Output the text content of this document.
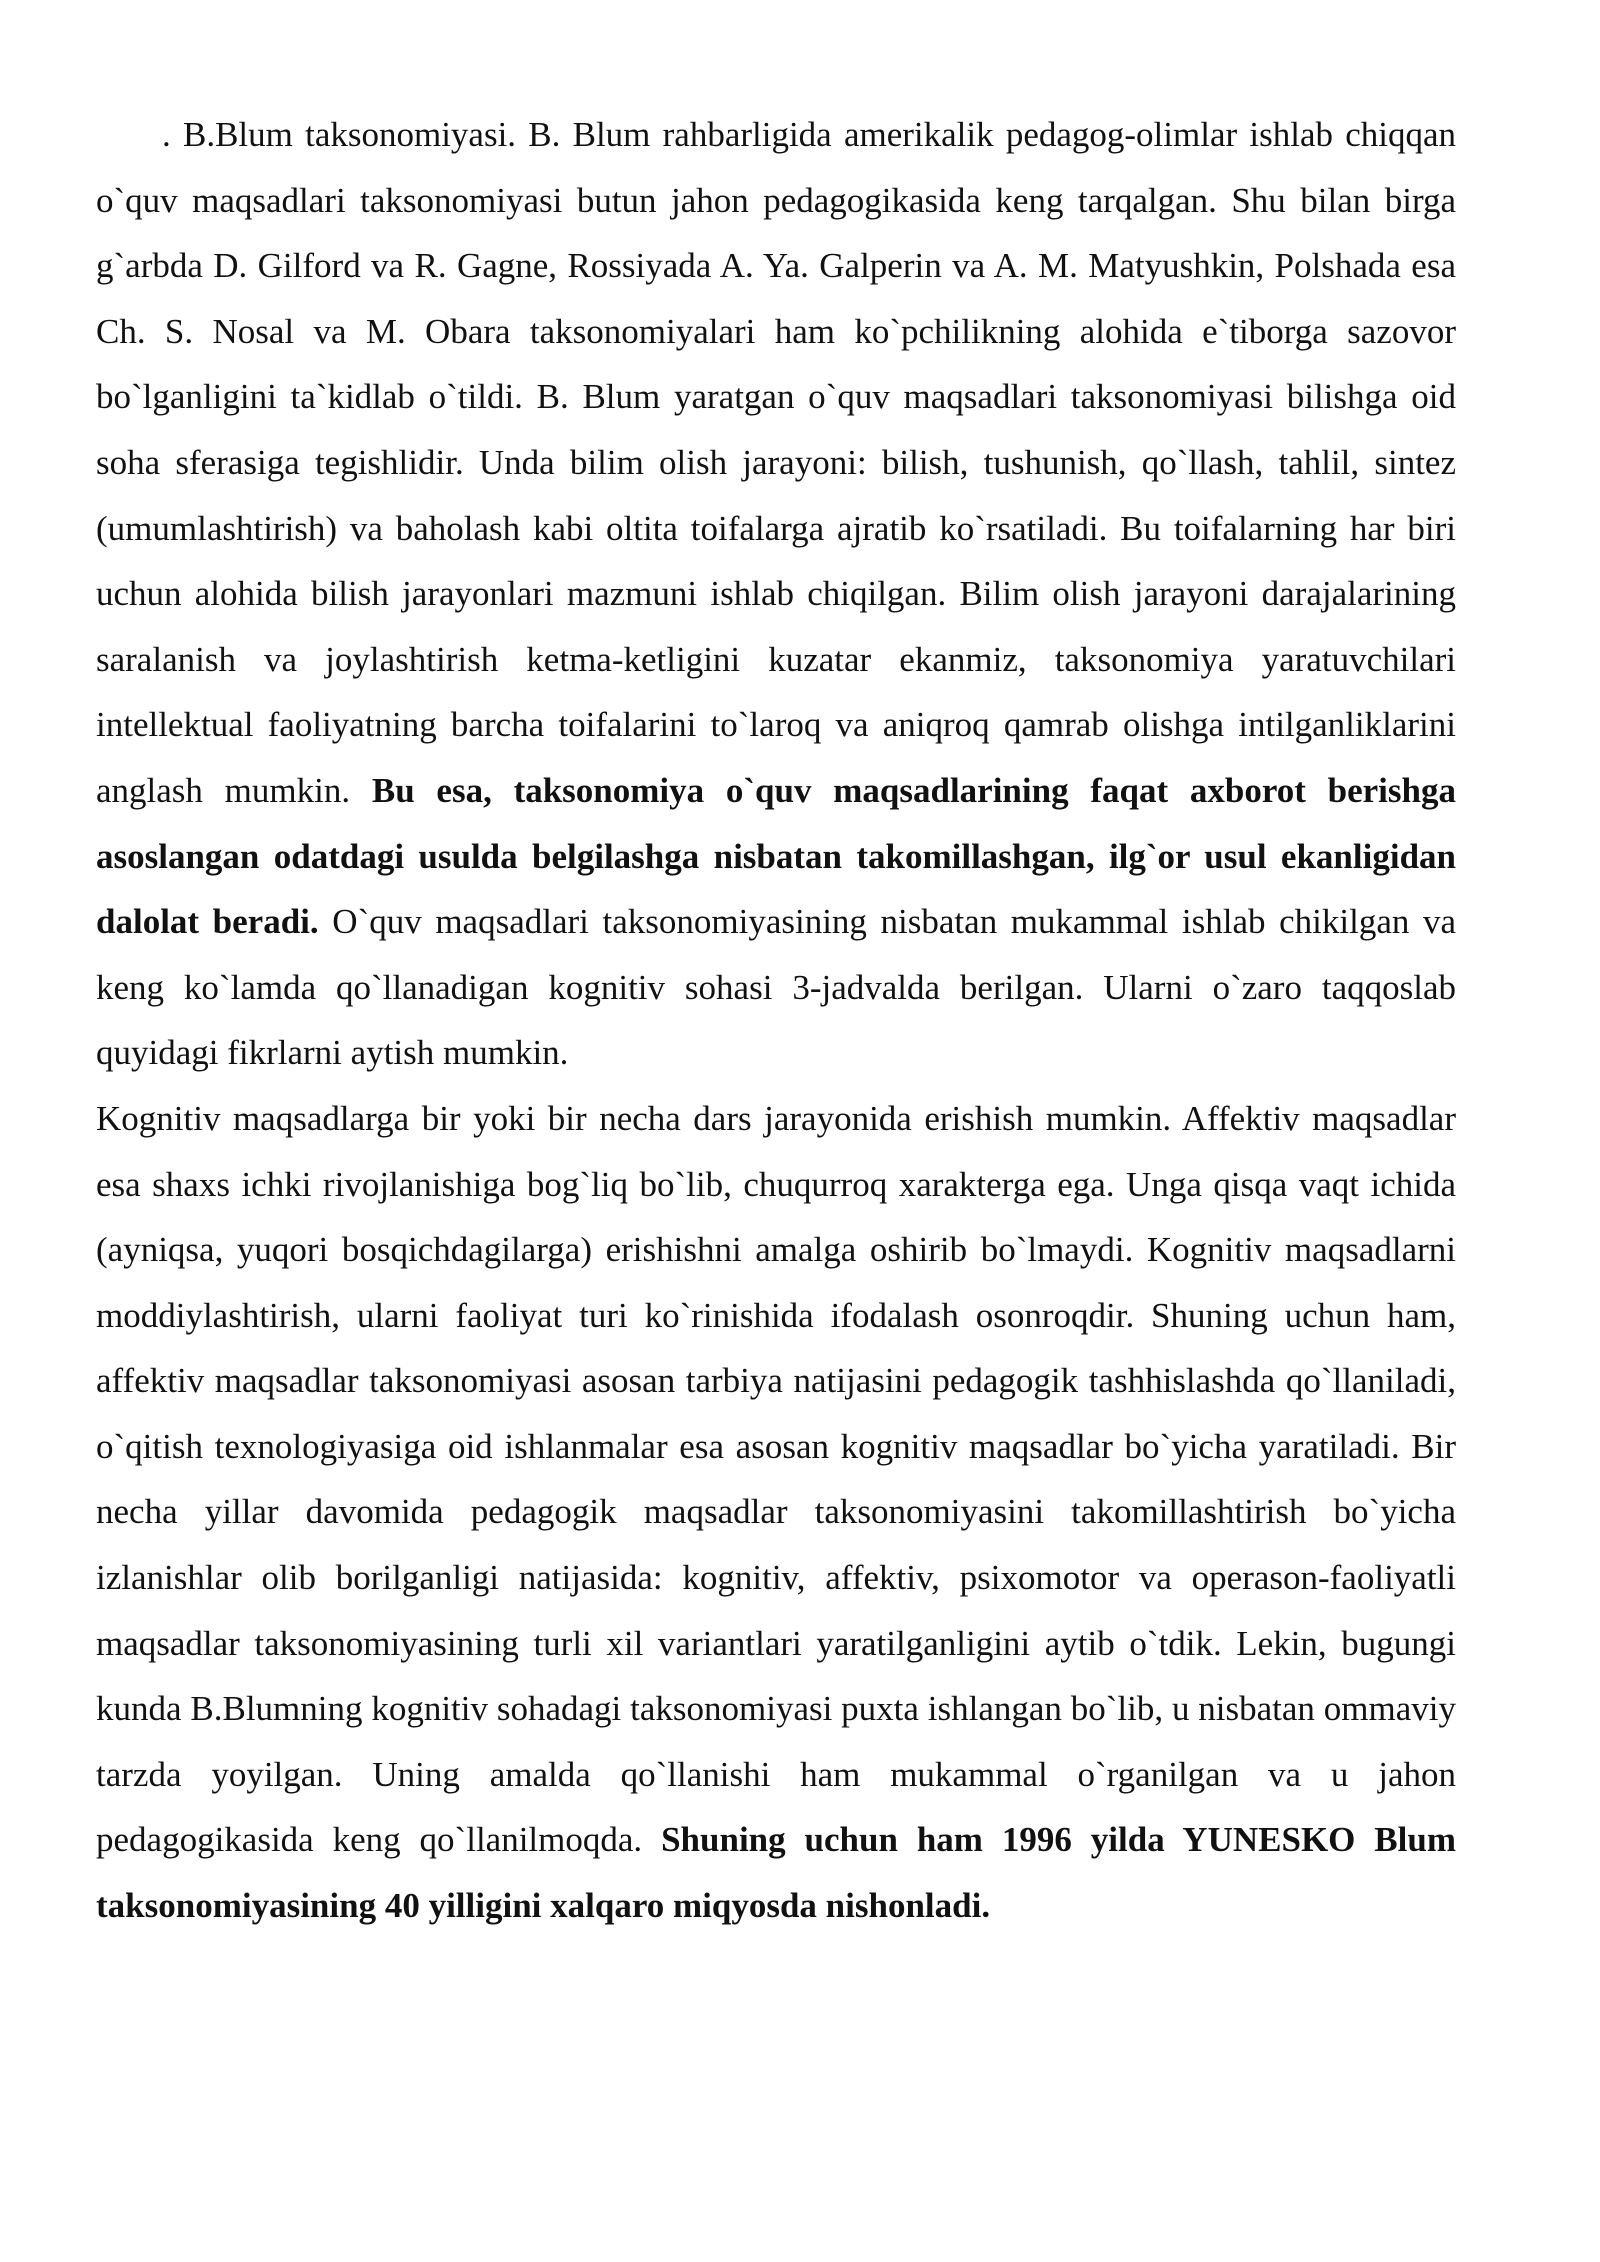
. B.Blum taksonomiyasi. B. Blum rahbarligida amerikalik pedagog-olimlar ishlab chiqqan o`quv maqsadlari taksonomiyasi butun jahon pedagogikasida keng tarqalgan. Shu bilan birga g`arbda D. Gilford va R. Gagne, Rossiyada A. Ya. Galperin va A. M. Matyushkin, Polshada esa Ch. S. Nosal va M. Obara taksonomiyalari ham ko`pchilikning alohida e`tiborga sazovor bo`lganligini ta`kidlab o`tildi. B. Blum yaratgan o`quv maqsadlari taksonomiyasi bilishga oid soha sferasiga tegishlidir. Unda bilim olish jarayoni: bilish, tushunish, qo`llash, tahlil, sintez (umumlashtirish) va baholash kabi oltita toifalarga ajratib ko`rsatiladi. Bu toifalarning har biri uchun alohida bilish jarayonlari mazmuni ishlab chiqilgan. Bilim olish jarayoni darajalarining saralanish va joylashtirish ketma-ketligini kuzatar ekanmiz, taksonomiya yaratuvchilari intellektual faoliyatning barcha toifalarini to`laroq va aniqroq qamrab olishga intilganliklarini anglash mumkin. Bu esa, taksonomiya o`quv maqsadlarining faqat axborot berishga asoslangan odatdagi usulda belgilashga nisbatan takomillashgan, ilg`or usul ekanligidan dalolat beradi. O`quv maqsadlari taksonomiyasining nisbatan mukammal ishlab chikilgan va keng ko`lamda qo`llanadigan kognitiv sohasi 3-jadvalda berilgan. Ularni o`zaro taqqoslab quyidagi fikrlarni aytish mumkin.

Kognitiv maqsadlarga bir yoki bir necha dars jarayonida erishish mumkin. Affektiv maqsadlar esa shaxs ichki rivojlanishiga bog`liq bo`lib, chuqurroq xarakterga ega. Unga qisqa vaqt ichida (ayniqsa, yuqori bosqichdagilarga) erishishni amalga oshirib bo`lmaydi. Kognitiv maqsadlarni moddiylashtirish, ularni faoliyat turi ko`rinishida ifodalash osonroqdir. Shuning uchun ham, affektiv maqsadlar taksonomiyasi asosan tarbiya natijasini pedagogik tashhislashda qo`llaniladi, o`qitish texnologiyasiga oid ishlanmalar esa asosan kognitiv maqsadlar bo`yicha yaratiladi. Bir necha yillar davomida pedagogik maqsadlar taksonomiyasini takomillashtirish bo`yicha izlanishlar olib borilganligi natijasida: kognitiv, affektiv, psixomotor va operason-faoliyatli maqsadlar taksonomiyasining turli xil variantlari yaratilganligini aytib o`tdik. Lekin, bugungi kunda B.Blumning kognitiv sohadagi taksonomiyasi puxta ishlangan bo`lib, u nisbatan ommaviy tarzda yoyilgan. Uning amalda qo`llanishi ham mukammal o`rganilgan va u jahon pedagogikasida keng qo`llanilmoqda. Shuning uchun ham 1996 yilda YUNESKO Blum taksonomiyasining 40 yilligini xalqaro miqyosda nishonladi.
